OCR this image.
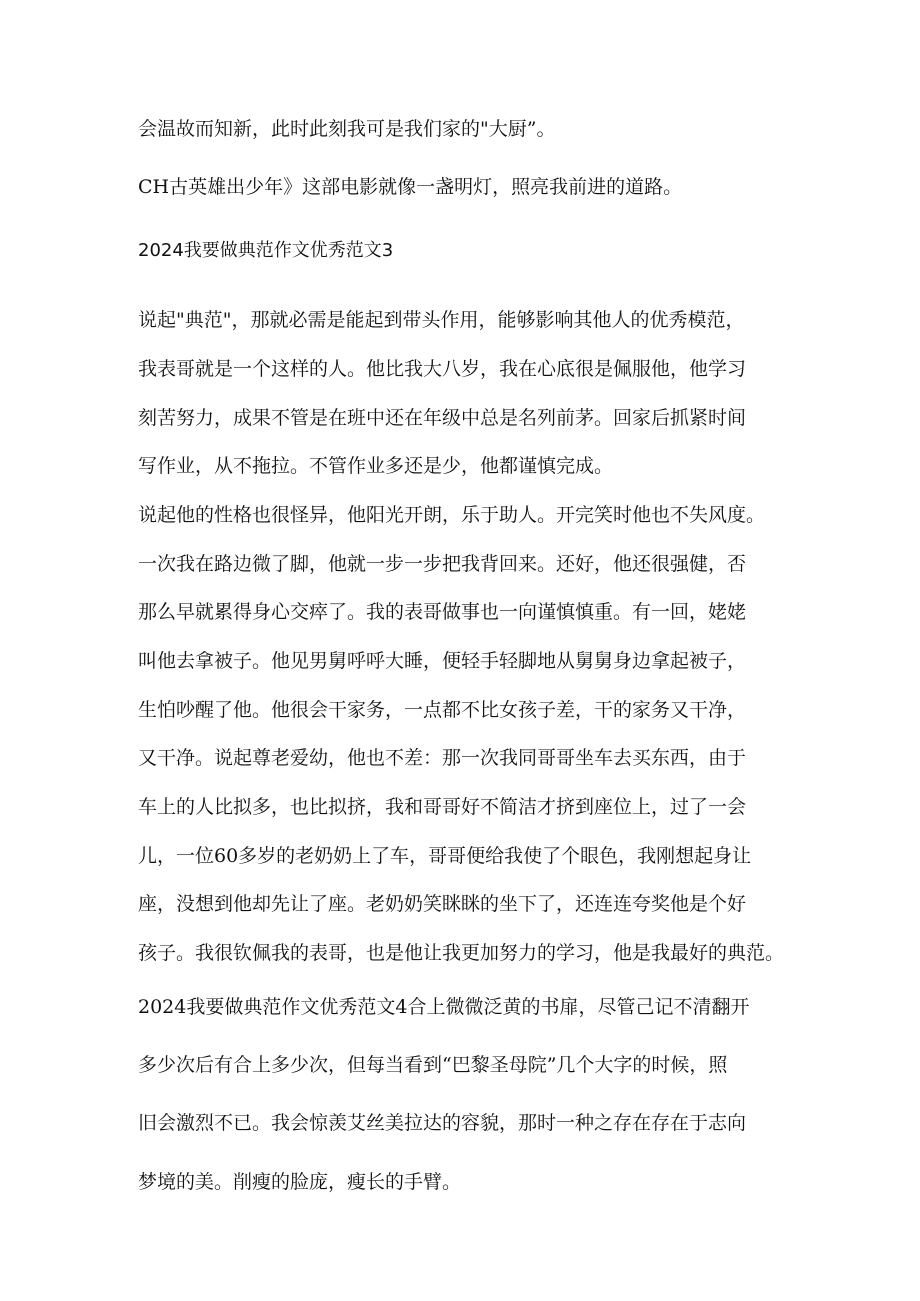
会温故而知新，此时此刻我可是我们家的"大厨”。
CH古英雄出少年》这部电影就像一盏明灯，照亮我前进的道路。
2024我要做典范作文优秀范文3
说起"典范"，那就必需是能起到带头作用，能够影响其他人的优秀模范，
我表哥就是一个这样的人。他比我大八岁，我在心底很是佩服他，他学习
刻苦努力，成果不管是在班中还在年级中总是名列前茅。回家后抓紧时间
写作业，从不拖拉。不管作业多还是少，他都谨慎完成。
说起他的性格也很怪异，他阳光开朗，乐于助人。开完笑时他也不失风度。
一次我在路边微了脚，他就一步一步把我背回来。还好，他还很强健，否
那么早就累得身心交瘁了。我的表哥做事也一向谨慎慎重。有一回，姥姥
叫他去拿被子。他见男舅呼呼大睡，便轻手轻脚地从舅舅身边拿起被子，
生怕吵醒了他。他很会干家务，一点都不比女孩子差，干的家务又干净，
又干净。说起尊老爱幼，他也不差：那一次我同哥哥坐车去买东西，由于
车上的人比拟多，也比拟挤，我和哥哥好不简洁才挤到座位上，过了一会
儿，一位60多岁的老奶奶上了车，哥哥便给我使了个眼色，我刚想起身让
座，没想到他却先让了座。老奶奶笑眯眯的坐下了，还连连夸奖他是个好
孩子。我很钦佩我的表哥，也是他让我更加努力的学习，他是我最好的典范。
2024我要做典范作文优秀范文4合上微微泛黄的书扉，尽管己记不清翻开
多少次后有合上多少次，但每当看到“巴黎圣母院”几个大字的时候，照
旧会激烈不已。我会惊羡艾丝美拉达的容貌，那时一种之存在存在于志向
梦境的美。削瘦的脸庞，瘦长的手臂。
